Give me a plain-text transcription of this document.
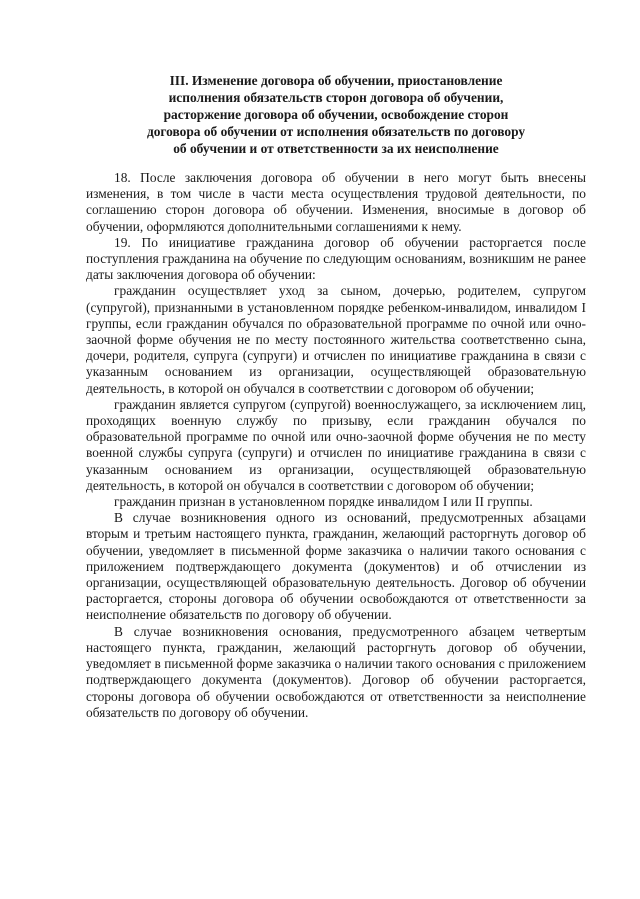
III. Изменение договора об обучении, приостановление
исполнения обязательств сторон договора об обучении,
расторжение договора об обучении, освобождение сторон
договора об обучении от исполнения обязательств по договору
об обучении и от ответственности за их неисполнение

18. После заключения договора об обучении в него могут быть внесены изменения, в том числе в части места осуществления трудовой деятельности, по соглашению сторон договора об обучении. Изменения, вносимые в договор об обучении, оформляются дополнительными соглашениями к нему.

19. По инициативе гражданина договор об обучении расторгается после поступления гражданина на обучение по следующим основаниям, возникшим не ранее даты заключения договора об обучении:

гражданин осуществляет уход за сыном, дочерью, родителем, супругом (супругой), признанными в установленном порядке ребенком-инвалидом, инвалидом I группы, если гражданин обучался по образовательной программе по очной или очно-заочной форме обучения не по месту постоянного жительства соответственно сына, дочери, родителя, супруга (супруги) и отчислен по инициативе гражданина в связи с указанным основанием из организации, осуществляющей образовательную деятельность, в которой он обучался в соответствии с договором об обучении;

гражданин является супругом (супругой) военнослужащего, за исключением лиц, проходящих военную службу по призыву, если гражданин обучался по образовательной программе по очной или очно-заочной форме обучения не по месту военной службы супруга (супруги) и отчислен по инициативе гражданина в связи с указанным основанием из организации, осуществляющей образовательную деятельность, в которой он обучался в соответствии с договором об обучении;

гражданин признан в установленном порядке инвалидом I или II группы.

В случае возникновения одного из оснований, предусмотренных абзацами вторым и третьим настоящего пункта, гражданин, желающий расторгнуть договор об обучении, уведомляет в письменной форме заказчика о наличии такого основания с приложением подтверждающего документа (документов) и об отчислении из организации, осуществляющей образовательную деятельность. Договор об обучении расторгается, стороны договора об обучении освобождаются от ответственности за неисполнение обязательств по договору об обучении.

В случае возникновения основания, предусмотренного абзацем четвертым настоящего пункта, гражданин, желающий расторгнуть договор об обучении, уведомляет в письменной форме заказчика о наличии такого основания с приложением подтверждающего документа (документов). Договор об обучении расторгается, стороны договора об обучении освобождаются от ответственности за неисполнение обязательств по договору об обучении.
